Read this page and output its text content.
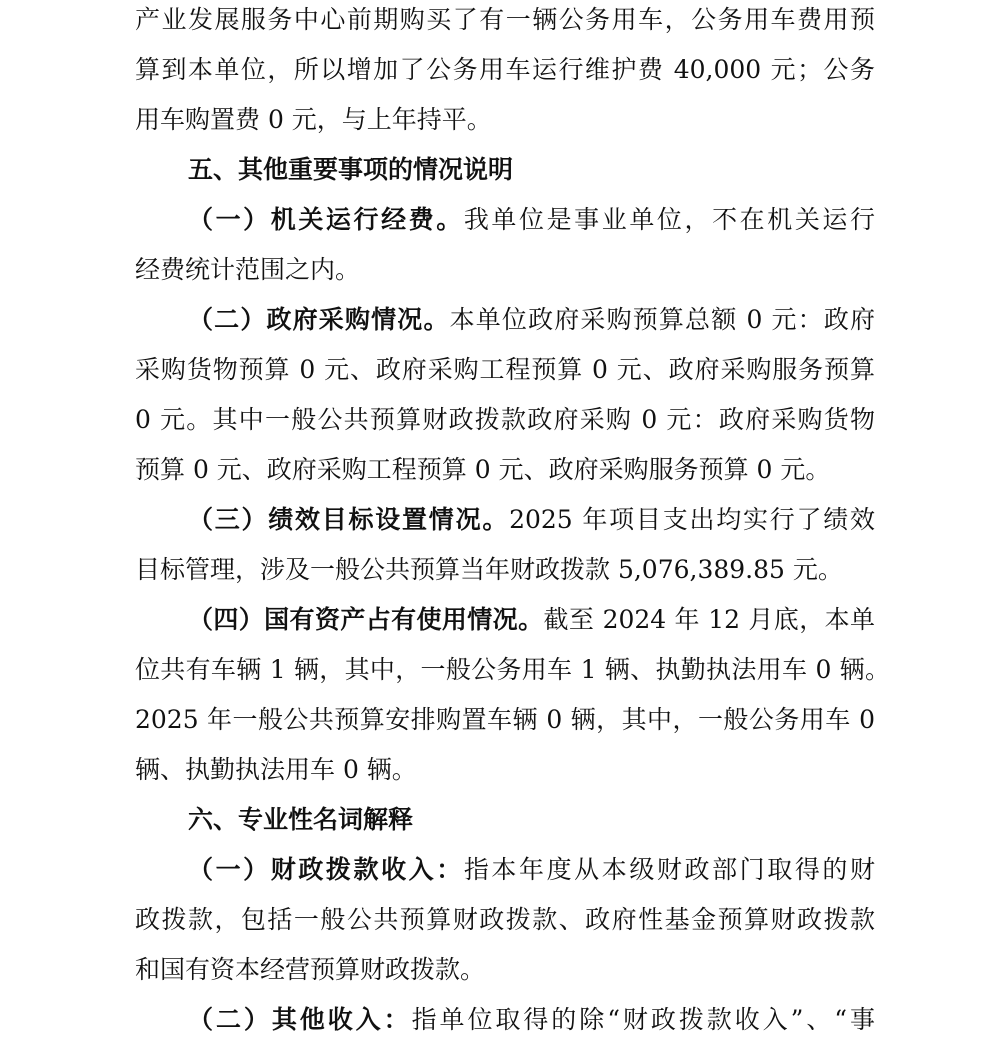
产业发展服务中心前期购买了有一辆公务用车，公务用车费用预
算到本单位，所以增加了公务用车运行维护费 40,000 元；公务
用车购置费 0 元，与上年持平。
五、其他重要事项的情况说明
（一）机关运行经费。我单位是事业单位，不在机关运行
经费统计范围之内。
（二）政府采购情况。本单位政府采购预算总额 0 元：政府
采购货物预算 0 元、政府采购工程预算 0 元、政府采购服务预算
0 元。其中一般公共预算财政拨款政府采购 0 元：政府采购货物
预算 0 元、政府采购工程预算 0 元、政府采购服务预算 0 元。
（三）绩效目标设置情况。2025 年项目支出均实行了绩效
目标管理，涉及一般公共预算当年财政拨款 5,076,389.85 元。
（四）国有资产占有使用情况。截至 2024 年 12 月底，本单
位共有车辆 1 辆，其中，一般公务用车 1 辆、执勤执法用车 0 辆。
2025 年一般公共预算安排购置车辆 0 辆，其中，一般公务用车 0
辆、执勤执法用车 0 辆。
六、专业性名词解释
（一）财政拨款收入：指本年度从本级财政部门取得的财
政拨款，包括一般公共预算财政拨款、政府性基金预算财政拨款
和国有资本经营预算财政拨款。
（二）其他收入：指单位取得的除“财政拨款收入”、“事
